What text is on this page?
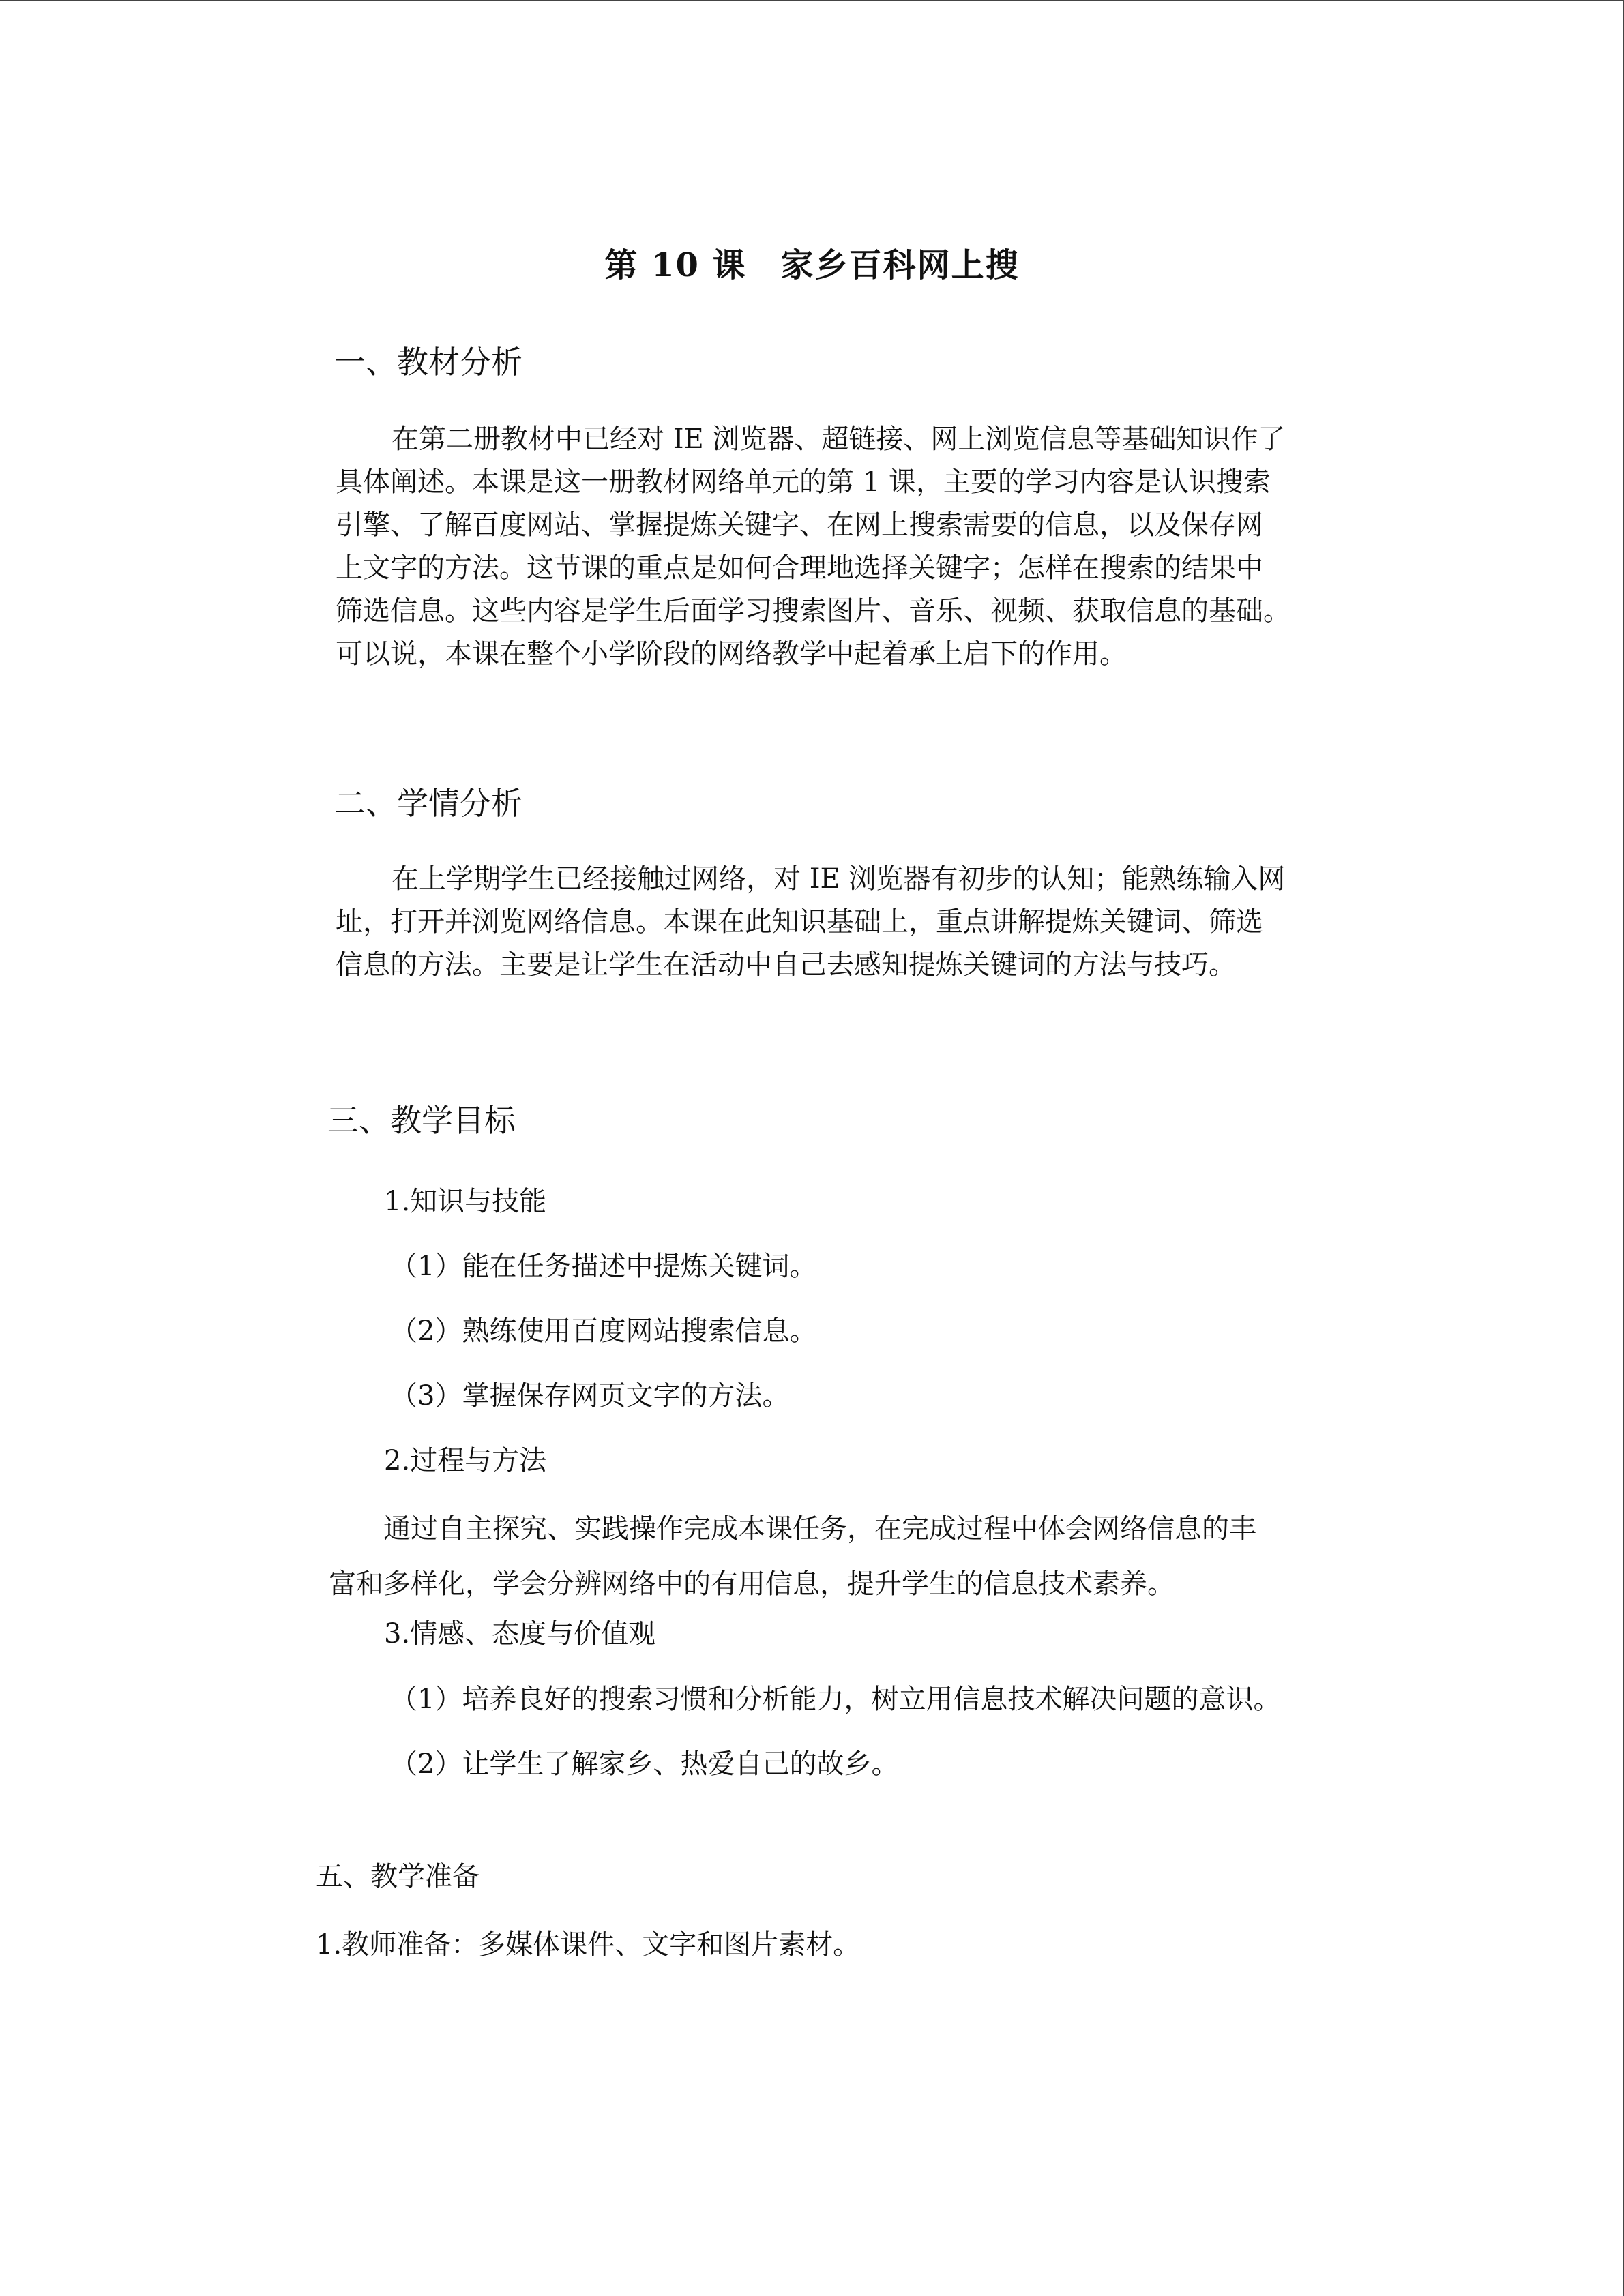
第 10 课　家乡百科网上搜
一、教材分析
在第二册教材中已经对 IE 浏览器、超链接、网上浏览信息等基础知识作了
具体阐述。本课是这一册教材网络单元的第 1 课，主要的学习内容是认识搜索
引擎、了解百度网站、掌握提炼关键字、在网上搜索需要的信息，以及保存网
上文字的方法。这节课的重点是如何合理地选择关键字；怎样在搜索的结果中
筛选信息。这些内容是学生后面学习搜索图片、音乐、视频、获取信息的基础。
可以说，本课在整个小学阶段的网络教学中起着承上启下的作用。
二、学情分析
在上学期学生已经接触过网络，对 IE 浏览器有初步的认知；能熟练输入网
址，打开并浏览网络信息。本课在此知识基础上，重点讲解提炼关键词、筛选
信息的方法。主要是让学生在活动中自己去感知提炼关键词的方法与技巧。
三、教学目标
1.知识与技能
（1）能在任务描述中提炼关键词。
（2）熟练使用百度网站搜索信息。
（3）掌握保存网页文字的方法。
2.过程与方法
通过自主探究、实践操作完成本课任务，在完成过程中体会网络信息的丰
富和多样化，学会分辨网络中的有用信息，提升学生的信息技术素养。
3.情感、态度与价值观
（1）培养良好的搜索习惯和分析能力，树立用信息技术解决问题的意识。
（2）让学生了解家乡、热爱自己的故乡。
五、教学准备
1.教师准备：多媒体课件、文字和图片素材。
